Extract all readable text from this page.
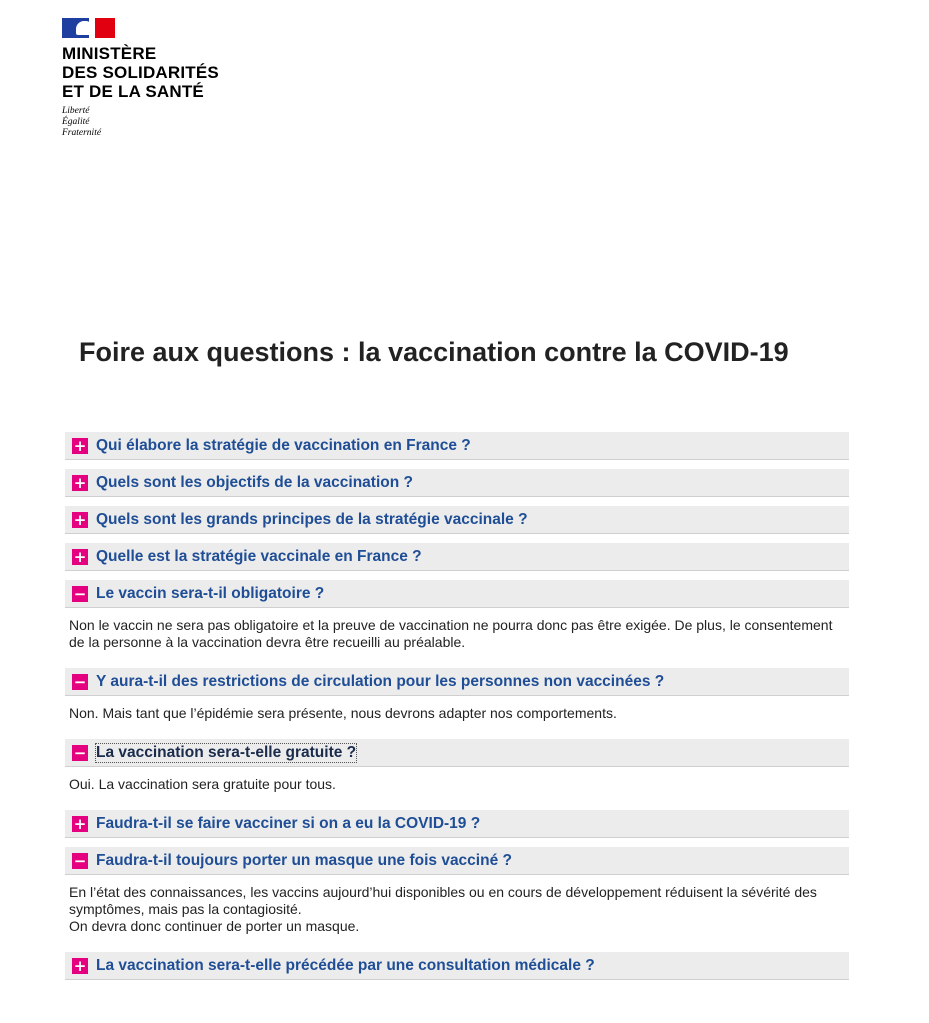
MINISTÈRE
DES SOLIDARITÉS
ET DE LA SANTÉ
Liberté
Égalité
Fraternité
Foire aux questions : la vaccination contre la COVID-19
+ Qui élabore la stratégie de vaccination en France ?
+ Quels sont les objectifs de la vaccination ?
+ Quels sont les grands principes de la stratégie vaccinale ?
+ Quelle est la stratégie vaccinale en France ?
− Le vaccin sera-t-il obligatoire ?
Non le vaccin ne sera pas obligatoire et la preuve de vaccination ne pourra donc pas être exigée. De plus, le consentement de la personne à la vaccination devra être recueilli au préalable.
− Y aura-t-il des restrictions de circulation pour les personnes non vaccinées ?
Non. Mais tant que l’épidémie sera présente, nous devrons adapter nos comportements.
− La vaccination sera-t-elle gratuite ?
Oui. La vaccination sera gratuite pour tous.
+ Faudra-t-il se faire vacciner si on a eu la COVID-19 ?
− Faudra-t-il toujours porter un masque une fois vacciné ?
En l’état des connaissances, les vaccins aujourd’hui disponibles ou en cours de développement réduisent la sévérité des symptômes, mais pas la contagiosité.
On devra donc continuer de porter un masque.
+ La vaccination sera-t-elle précédée par une consultation médicale ?
